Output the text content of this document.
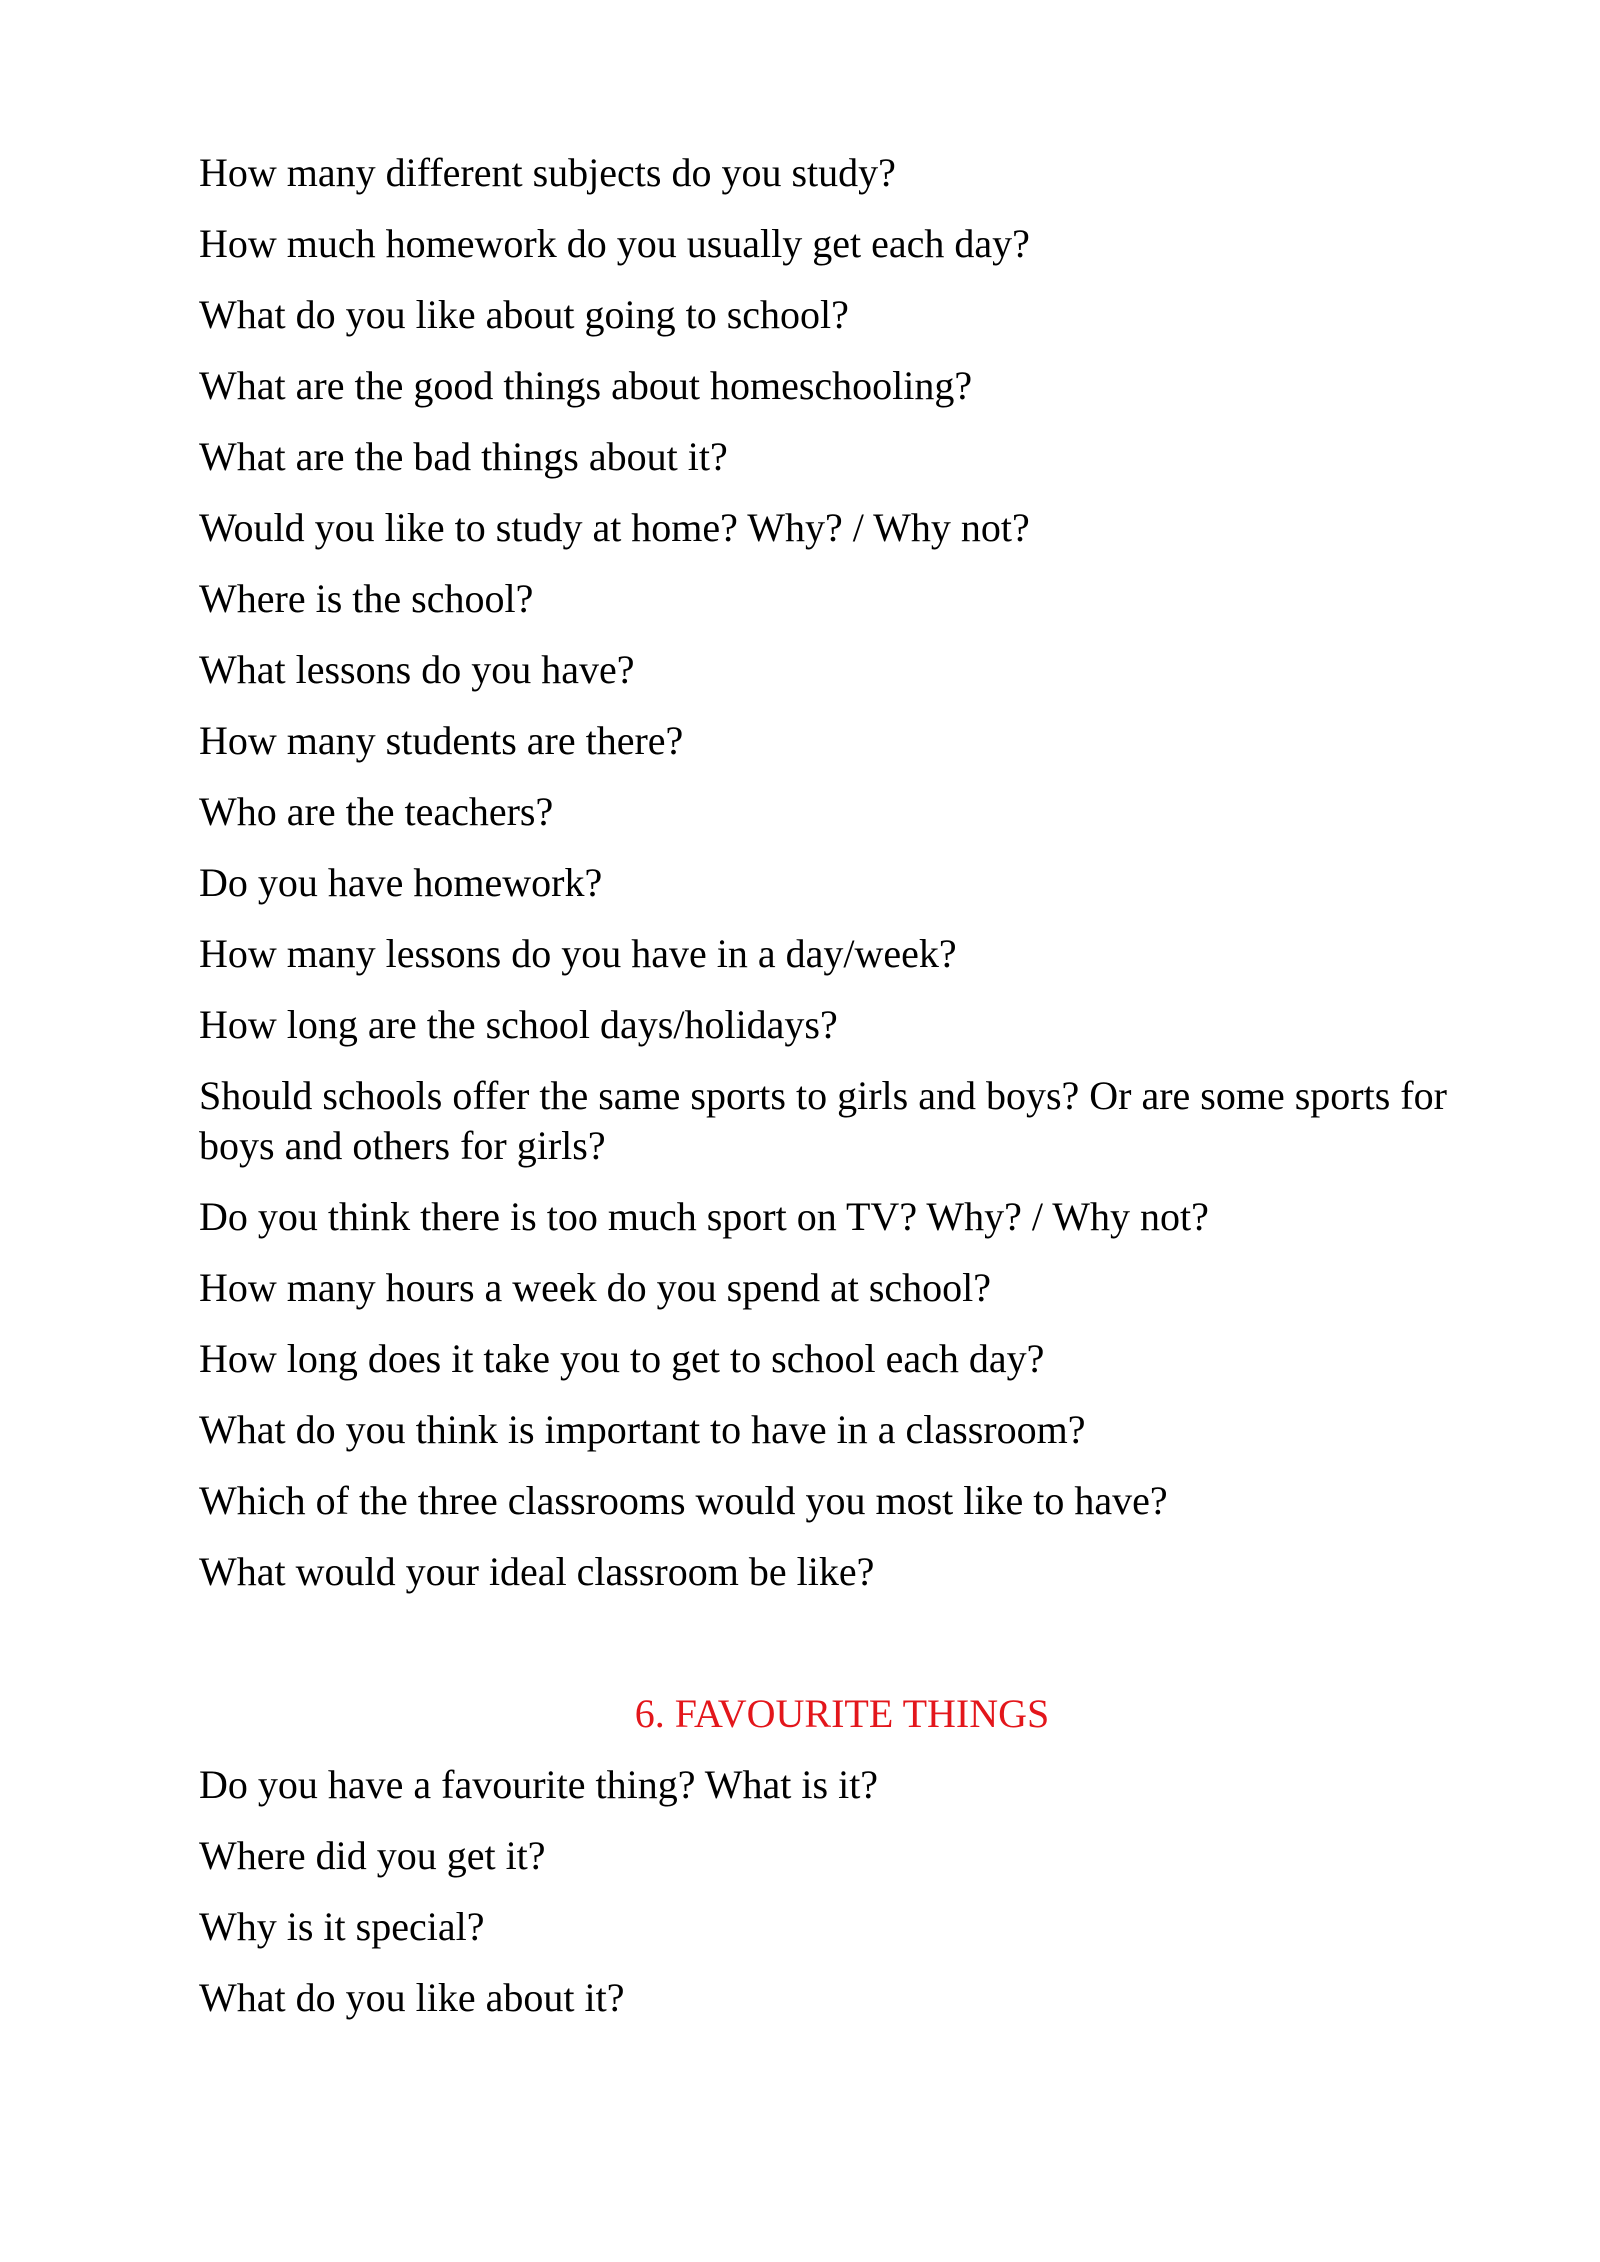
How many different subjects do you study?

How much homework do you usually get each day?

What do you like about going to school?

What are the good things about homeschooling?

What are the bad things about it?

Would you like to study at home? Why? / Why not?

Where is the school?

What lessons do you have?

How many students are there?

Who are the teachers?

Do you have homework?

How many lessons do you have in a day/week?

How long are the school days/holidays?

Should schools offer the same sports to girls and boys? Or are some sports for boys and others for girls?

Do you think there is too much sport on TV? Why? / Why not?

How many hours a week do you spend at school?

How long does it take you to get to school each day?

What do you think is important to have in a classroom?

Which of the three classrooms would you most like to have?

What would your ideal classroom be like?

6. FAVOURITE THINGS

Do you have a favourite thing? What is it?

Where did you get it?

Why is it special?

What do you like about it?
